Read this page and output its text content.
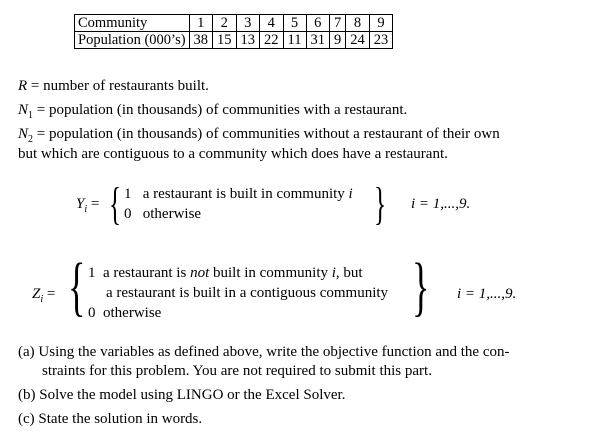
Community	1	2	3	4	5	6	7	8	9
Population (000’s)	38	15	13	22	11	31	9	24	23
R = number of restaurants built.
$N_1$ = population (in thousands) of communities with a restaurant.
$N_2$ = population (in thousands) of communities without a restaurant of their own
but which are contiguous to a community which does have a restaurant.
$Y_i$ = { 1 a restaurant is built in community i
0 otherwise	} i = 1,...,9.
$Z_i$ = { 1 a restaurant is not built in community i, but
a restaurant is built in a contiguous community
0 otherwise	} i = 1,...,9.
(a) Using the variables as defined above, write the objective function and the con-
straints for this problem. You are not required to submit this part.
(b) Solve the model using LINGO or the Excel Solver.
(c) State the solution in words.
